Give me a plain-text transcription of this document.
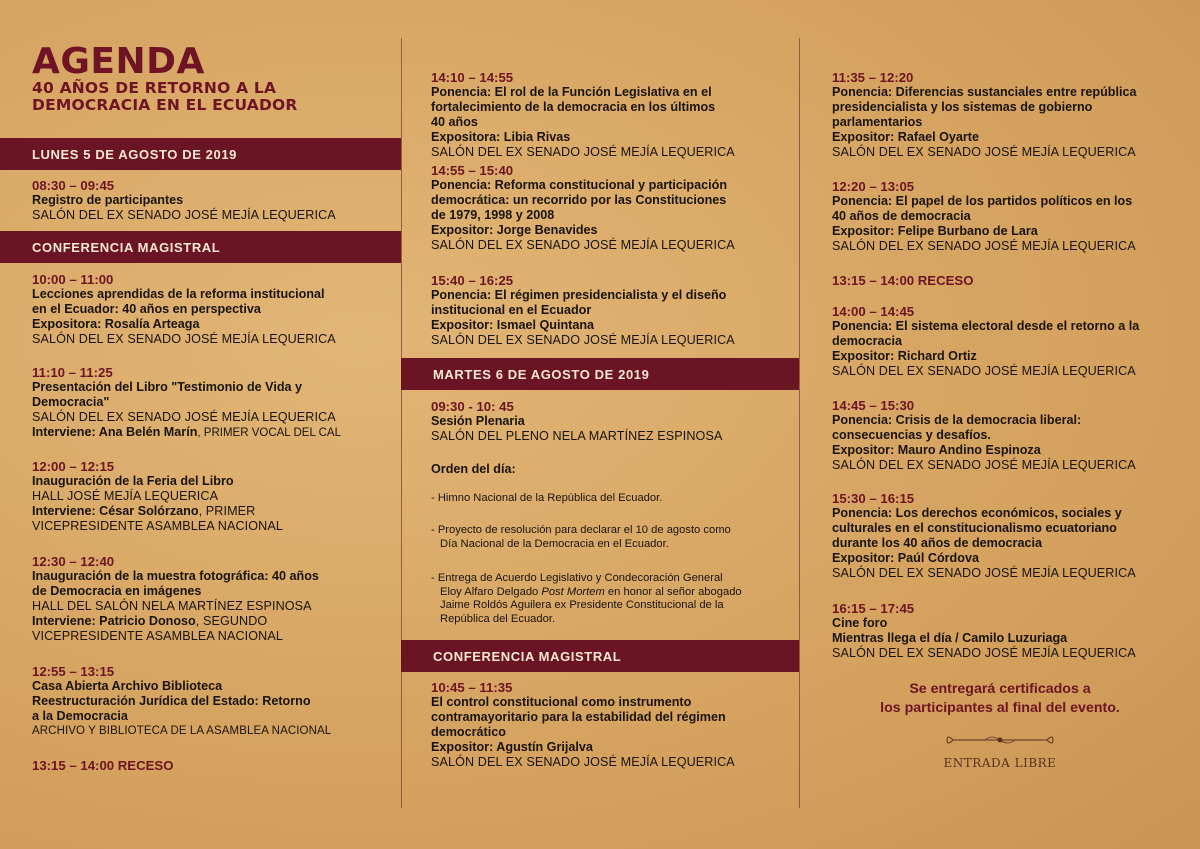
AGENDA
40 AÑOS DE RETORNO A LA
DEMOCRACIA EN EL ECUADOR
LUNES 5 DE AGOSTO DE 2019
08:30 – 09:45
Registro de participantes
SALÓN DEL EX SENADO JOSÉ MEJÍA LEQUERICA
CONFERENCIA MAGISTRAL
10:00 – 11:00
Lecciones aprendidas de la reforma institucional
en el Ecuador: 40 años en perspectiva
Expositora: Rosalía Arteaga
SALÓN DEL EX SENADO JOSÉ MEJÍA LEQUERICA
11:10 – 11:25
Presentación del Libro "Testimonio de Vida y
Democracia"
SALÓN DEL EX SENADO JOSÉ MEJÍA LEQUERICA
Interviene: Ana Belén Marín, PRIMER VOCAL DEL CAL
12:00 – 12:15
Inauguración de la Feria del Libro
HALL JOSÉ MEJÍA LEQUERICA
Interviene: César Solórzano, PRIMER
VICEPRESIDENTE ASAMBLEA NACIONAL
12:30 – 12:40
Inauguración de la muestra fotográfica: 40 años
de Democracia en imágenes
HALL DEL SALÓN NELA MARTÍNEZ ESPINOSA
Interviene: Patricio Donoso, SEGUNDO
VICEPRESIDENTE ASAMBLEA NACIONAL
12:55 – 13:15
Casa Abierta Archivo Biblioteca
Reestructuración Jurídica del Estado: Retorno
a la Democracia
ARCHIVO Y BIBLIOTECA DE LA ASAMBLEA NACIONAL
13:15 – 14:00 RECESO
14:10 – 14:55
Ponencia: El rol de la Función Legislativa en el
fortalecimiento de la democracia en los últimos
40 años
Expositora: Libia Rivas
SALÓN DEL EX SENADO JOSÉ MEJÍA LEQUERICA
14:55 – 15:40
Ponencia: Reforma constitucional y participación
democrática: un recorrido por las Constituciones
de 1979, 1998 y 2008
Expositor: Jorge Benavides
SALÓN DEL EX SENADO JOSÉ MEJÍA LEQUERICA
15:40 – 16:25
Ponencia: El régimen presidencialista y el diseño
institucional en el Ecuador
Expositor: Ismael Quintana
SALÓN DEL EX SENADO JOSÉ MEJÍA LEQUERICA
MARTES 6 DE AGOSTO DE 2019
09:30 - 10: 45
Sesión Plenaria
SALÓN DEL PLENO NELA MARTÍNEZ ESPINOSA
Orden del día:
- Himno Nacional de la República del Ecuador.
- Proyecto de resolución para declarar el 10 de agosto como
Día Nacional de la Democracia en el Ecuador.
- Entrega de Acuerdo Legislativo y Condecoración General
Eloy Alfaro Delgado Post Mortem en honor al señor abogado
Jaime Roldós Aguilera ex Presidente Constitucional de la
República del Ecuador.
CONFERENCIA MAGISTRAL
10:45 – 11:35
El control constitucional como instrumento
contramayoritario para la estabilidad del régimen
democrático
Expositor: Agustín Grijalva
SALÓN DEL EX SENADO JOSÉ MEJÍA LEQUERICA
11:35 – 12:20
Ponencia: Diferencias sustanciales entre república
presidencialista y los sistemas de gobierno
parlamentarios
Expositor: Rafael Oyarte
SALÓN DEL EX SENADO JOSÉ MEJÍA LEQUERICA
12:20 – 13:05
Ponencia: El papel de los partidos políticos en los
40 años de democracia
Expositor: Felipe Burbano de Lara
SALÓN DEL EX SENADO JOSÉ MEJÍA LEQUERICA
13:15 – 14:00 RECESO
14:00 – 14:45
Ponencia: El sistema electoral desde el retorno a la
democracia
Expositor: Richard Ortiz
SALÓN DEL EX SENADO JOSÉ MEJÍA LEQUERICA
14:45 – 15:30
Ponencia: Crisis de la democracia liberal:
consecuencias y desafíos.
Expositor: Mauro Andino Espinoza
SALÓN DEL EX SENADO JOSÉ MEJÍA LEQUERICA
15:30 – 16:15
Ponencia: Los derechos económicos, sociales y
culturales en el constitucionalismo ecuatoriano
durante los 40 años de democracia
Expositor: Paúl Córdova
SALÓN DEL EX SENADO JOSÉ MEJÍA LEQUERICA
16:15 – 17:45
Cine foro
Mientras llega el día / Camilo Luzuriaga
SALÓN DEL EX SENADO JOSÉ MEJÍA LEQUERICA
Se entregará certificados a
los participantes al final del evento.
ENTRADA LIBRE
